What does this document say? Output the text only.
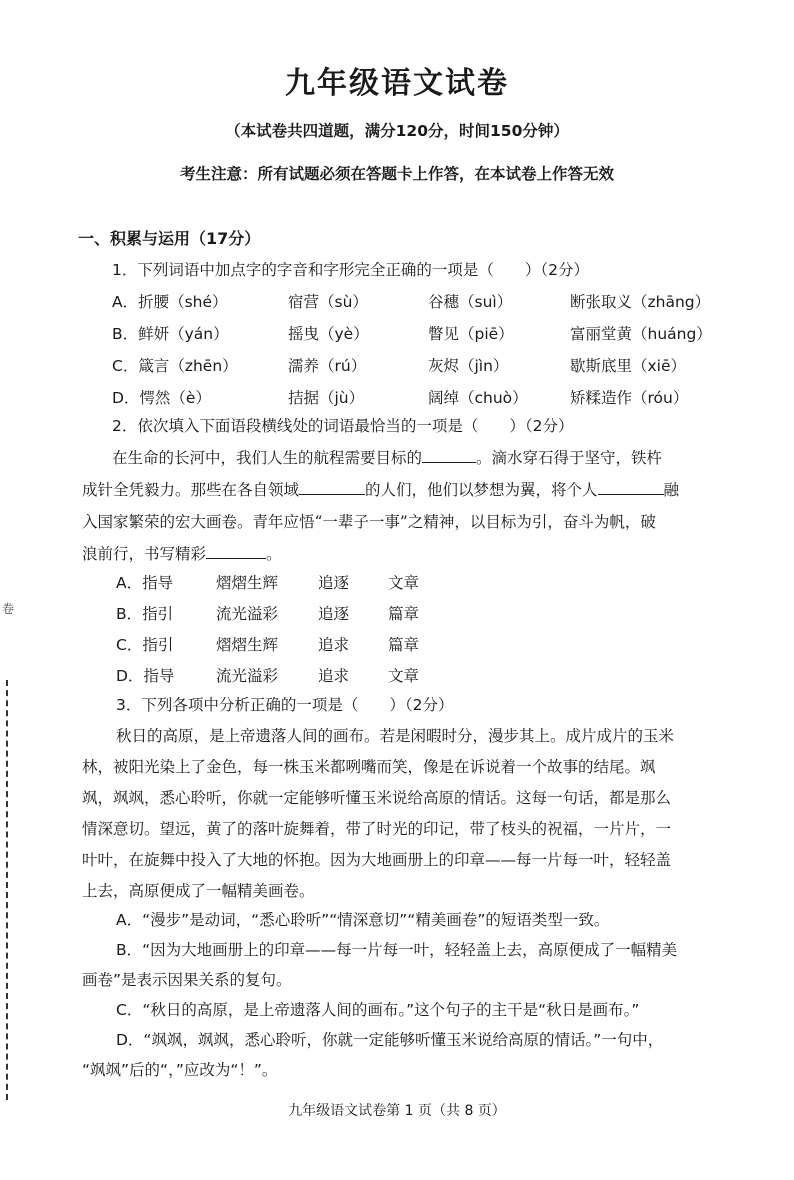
九年级语文试卷
（本试卷共四道题，满分120分，时间150分钟）
考生注意：所有试题必须在答题卡上作答，在本试卷上作答无效
一、积累与运用（17分）
1．下列词语中加点字的字音和字形完全正确的一项是（　　）（2分）
A．折腰（shé）	宿营（sù）	谷穗（suì）	断张取义（zhāng）
B．鲜妍（yán）	摇曳（yè）	瞥见（piē）	富丽堂黄（huáng）
C．箴言（zhēn）	濡养（rú）	灰烬（jìn）	歇斯底里（xiē）
D．愕然（è）	拮据（jù）	阔绰（chuò）	矫糅造作（róu）
2．依次填入下面语段横线处的词语最恰当的一项是（　　）（2分）
在生命的长河中，我们人生的航程需要目标的	。滴水穿石得于坚守，铁杵
成针全凭毅力。那些在各自领域	的人们，他们以梦想为翼，将个人	融
入国家繁荣的宏大画卷。青年应悟“一辈子一事”之精神，以目标为引，奋斗为帆，破
浪前行，书写精彩	。
A．指导	熠熠生辉	追逐	文章
B．指引	流光溢彩	追逐	篇章
C．指引	熠熠生辉	追求	篇章
D．指导	流光溢彩	追求	文章
3．下列各项中分析正确的一项是（　　）（2分）
秋日的高原，是上帝遗落人间的画布。若是闲暇时分，漫步其上。成片成片的玉米
林，被阳光染上了金色，每一株玉米都咧嘴而笑，像是在诉说着一个故事的结尾。飒
飒，飒飒，悉心聆听，你就一定能够听懂玉米说给高原的情话。这每一句话，都是那么
情深意切。望远，黄了的落叶旋舞着，带了时光的印记，带了枝头的祝福，一片片，一
叶叶，在旋舞中投入了大地的怀抱。因为大地画册上的印章——每一片每一叶，轻轻盖
上去，高原便成了一幅精美画卷。
A．“漫步”是动词，“悉心聆听”“情深意切”“精美画卷”的短语类型一致。
B．“因为大地画册上的印章——每一片每一叶，轻轻盖上去，高原便成了一幅精美
画卷”是表示因果关系的复句。
C．“秋日的高原，是上帝遗落人间的画布。”这个句子的主干是“秋日是画布。”
D．“飒飒，飒飒，悉心聆听，你就一定能够听懂玉米说给高原的情话。”一句中，
“飒飒”后的“，”应改为“！”。
卷
九年级语文试卷第 1 页（共 8 页）
